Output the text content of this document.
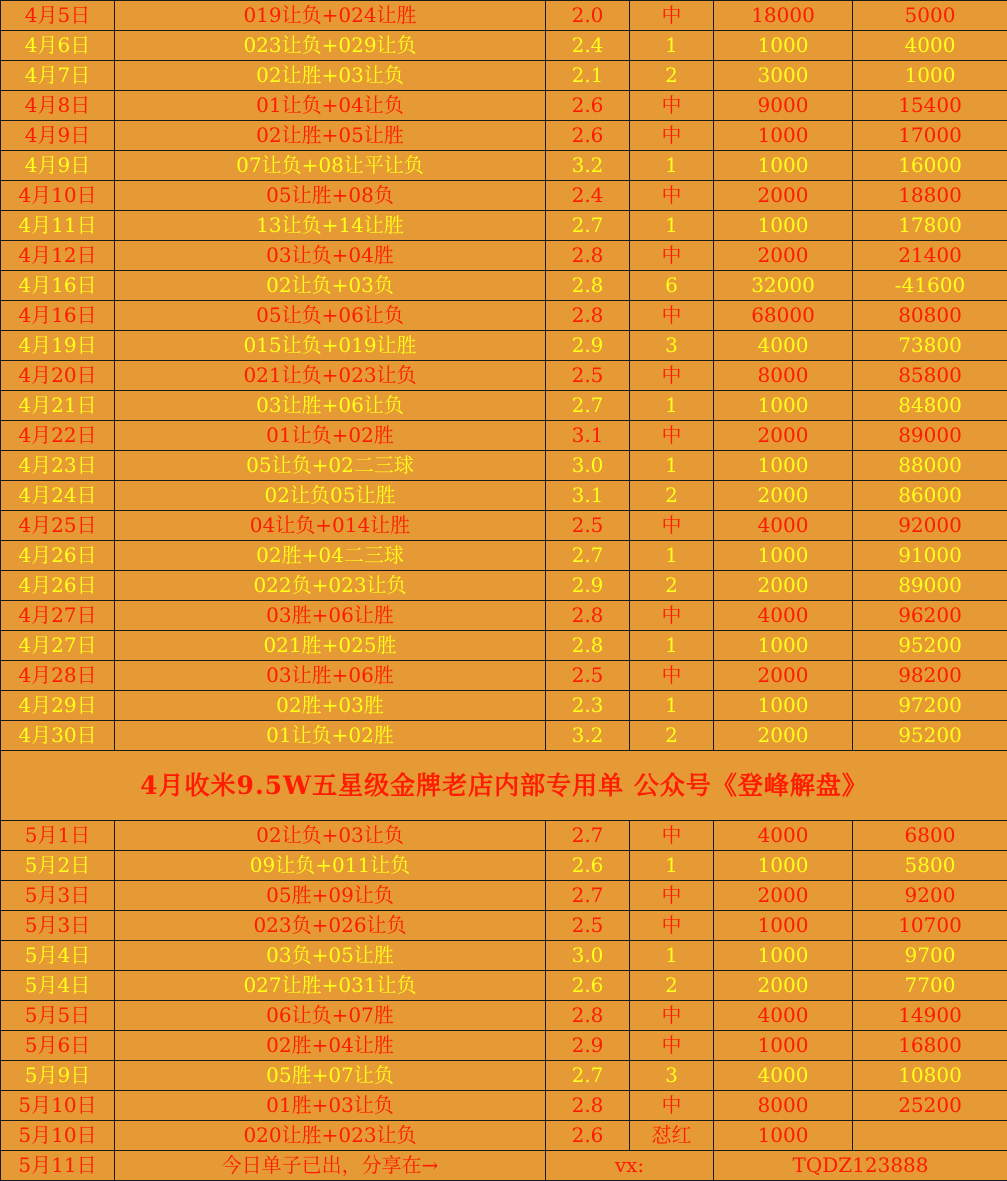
4月5日	019让负+024让胜	2.0	中	18000	5000
4月6日	023让负+029让负	2.4	1	1000	4000
4月7日	02让胜+03让负	2.1	2	3000	1000
4月8日	01让负+04让负	2.6	中	9000	15400
4月9日	02让胜+05让胜	2.6	中	1000	17000
4月9日	07让负+08让平让负	3.2	1	1000	16000
4月10日	05让胜+08负	2.4	中	2000	18800
4月11日	13让负+14让胜	2.7	1	1000	17800
4月12日	03让负+04胜	2.8	中	2000	21400
4月16日	02让负+03负	2.8	6	32000	-41600
4月16日	05让负+06让负	2.8	中	68000	80800
4月19日	015让负+019让胜	2.9	3	4000	73800
4月20日	021让负+023让负	2.5	中	8000	85800
4月21日	03让胜+06让负	2.7	1	1000	84800
4月22日	01让负+02胜	3.1	中	2000	89000
4月23日	05让负+02二三球	3.0	1	1000	88000
4月24日	02让负05让胜	3.1	2	2000	86000
4月25日	04让负+014让胜	2.5	中	4000	92000
4月26日	02胜+04二三球	2.7	1	1000	91000
4月26日	022负+023让负	2.9	2	2000	89000
4月27日	03胜+06让胜	2.8	中	4000	96200
4月27日	021胜+025胜	2.8	1	1000	95200
4月28日	03让胜+06胜	2.5	中	2000	98200
4月29日	02胜+03胜	2.3	1	1000	97200
4月30日	01让负+02胜	3.2	2	2000	95200
4月收米9.5W五星级金牌老店内部专用单 公众号《登峰解盘》					
5月1日	02让负+03让负	2.7	中	4000	6800
5月2日	09让负+011让负	2.6	1	1000	5800
5月3日	05胜+09让负	2.7	中	2000	9200
5月3日	023负+026让负	2.5	中	1000	10700
5月4日	03负+05让胜	3.0	1	1000	9700
5月4日	027让胜+031让负	2.6	2	2000	7700
5月5日	06让负+07胜	2.8	中	4000	14900
5月6日	02胜+04让胜	2.9	中	1000	16800
5月9日	05胜+07让负	2.7	3	4000	10800
5月10日	01胜+03让负	2.8	中	8000	25200
5月10日	020让胜+023让负	2.6	怼红	1000	
5月11日	今日单子已出，分享在→	vx:		TQDZ123888	
